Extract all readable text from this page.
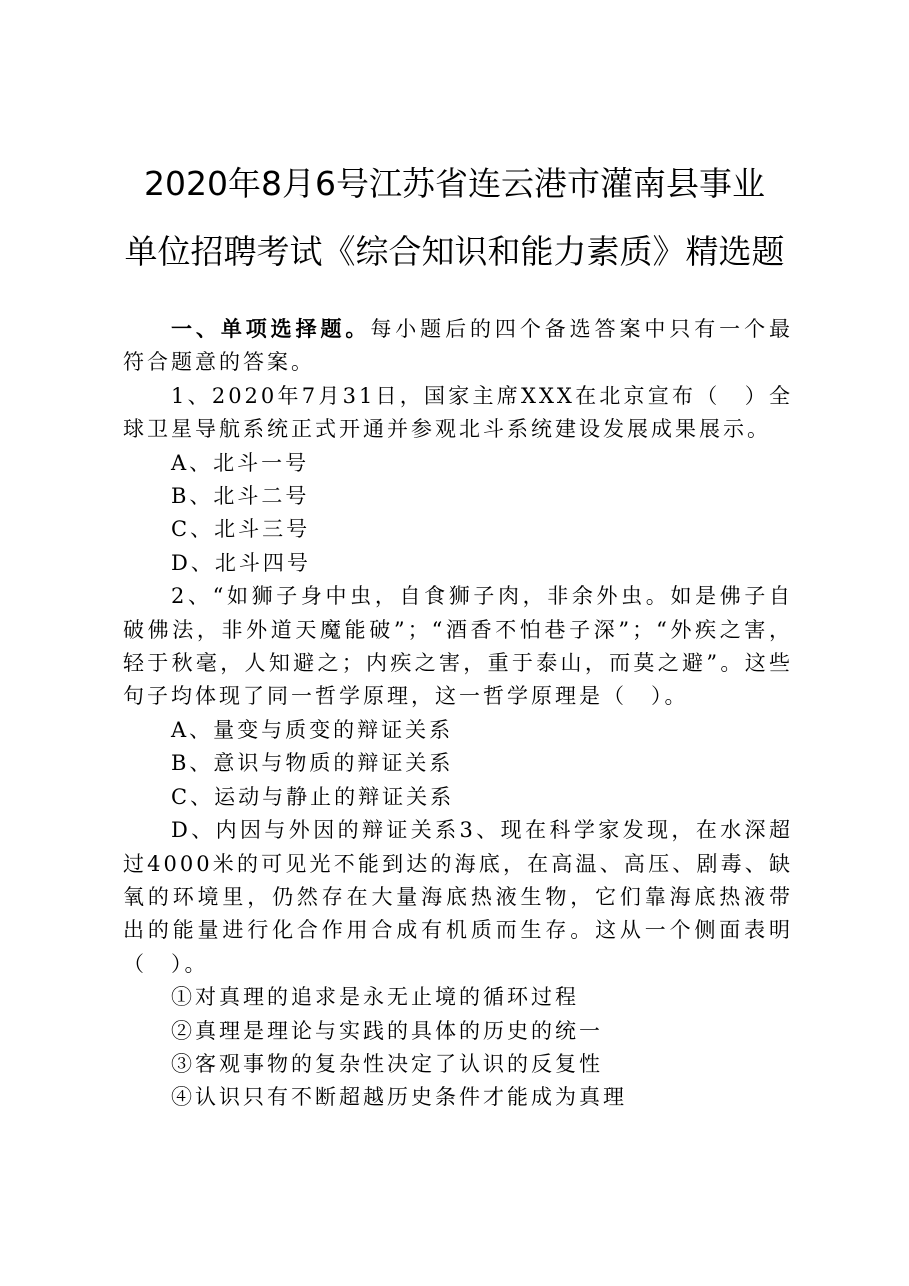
2020年8月6号江苏省连云港市灌南县事业
单位招聘考试《综合知识和能力素质》精选题

一、单项选择题。每小题后的四个备选答案中只有一个最符合题意的答案。

1、2020年7月31日，国家主席XXX在北京宣布（　）全球卫星导航系统正式开通并参观北斗系统建设发展成果展示。

A、北斗一号

B、北斗二号

C、北斗三号

D、北斗四号

2、“如狮子身中虫，自食狮子肉，非余外虫。如是佛子自破佛法，非外道天魔能破”；“酒香不怕巷子深”；“外疾之害，轻于秋毫，人知避之；内疾之害，重于泰山，而莫之避”。这些句子均体现了同一哲学原理，这一哲学原理是（　）。

A、量变与质变的辩证关系

B、意识与物质的辩证关系

C、运动与静止的辩证关系

D、内因与外因的辩证关系3、现在科学家发现，在水深超过4000米的可见光不能到达的海底，在高温、高压、剧毒、缺氧的环境里，仍然存在大量海底热液生物，它们靠海底热液带出的能量进行化合作用合成有机质而生存。这从一个侧面表明（　）。

①对真理的追求是永无止境的循环过程

②真理是理论与实践的具体的历史的统一

③客观事物的复杂性决定了认识的反复性

④认识只有不断超越历史条件才能成为真理
